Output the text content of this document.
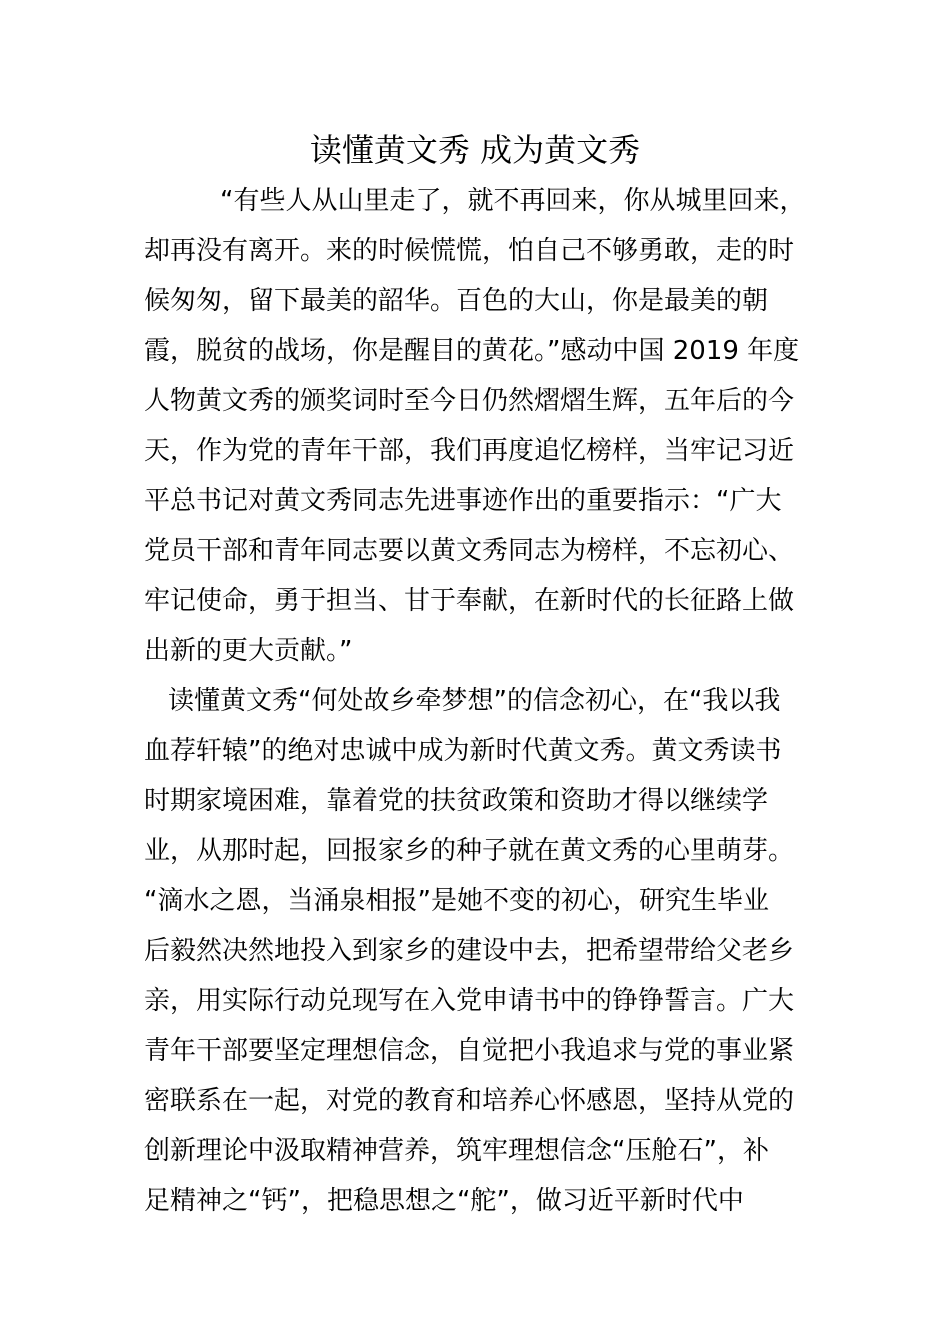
读懂黄文秀 成为黄文秀
“有些人从山里走了，就不再回来，你从城里回来，
却再没有离开。来的时候慌慌，怕自己不够勇敢，走的时
候匆匆，留下最美的韶华。百色的大山，你是最美的朝
霞，脱贫的战场，你是醒目的黄花。”感动中国 2019 年度
人物黄文秀的颁奖词时至今日仍然熠熠生辉，五年后的今
天，作为党的青年干部，我们再度追忆榜样，当牢记习近
平总书记对黄文秀同志先进事迹作出的重要指示：“广大
党员干部和青年同志要以黄文秀同志为榜样，不忘初心、
牢记使命，勇于担当、甘于奉献，在新时代的长征路上做
出新的更大贡献。”
读懂黄文秀“何处故乡牵梦想”的信念初心，在“我以我
血荐轩辕”的绝对忠诚中成为新时代黄文秀。黄文秀读书
时期家境困难，靠着党的扶贫政策和资助才得以继续学
业，从那时起，回报家乡的种子就在黄文秀的心里萌芽。
“滴水之恩，当涌泉相报”是她不变的初心，研究生毕业
后毅然决然地投入到家乡的建设中去，把希望带给父老乡
亲，用实际行动兑现写在入党申请书中的铮铮誓言。广大
青年干部要坚定理想信念，自觉把小我追求与党的事业紧
密联系在一起，对党的教育和培养心怀感恩，坚持从党的
创新理论中汲取精神营养，筑牢理想信念“压舱石”，补
足精神之“钙”，把稳思想之“舵”，做习近平新时代中
